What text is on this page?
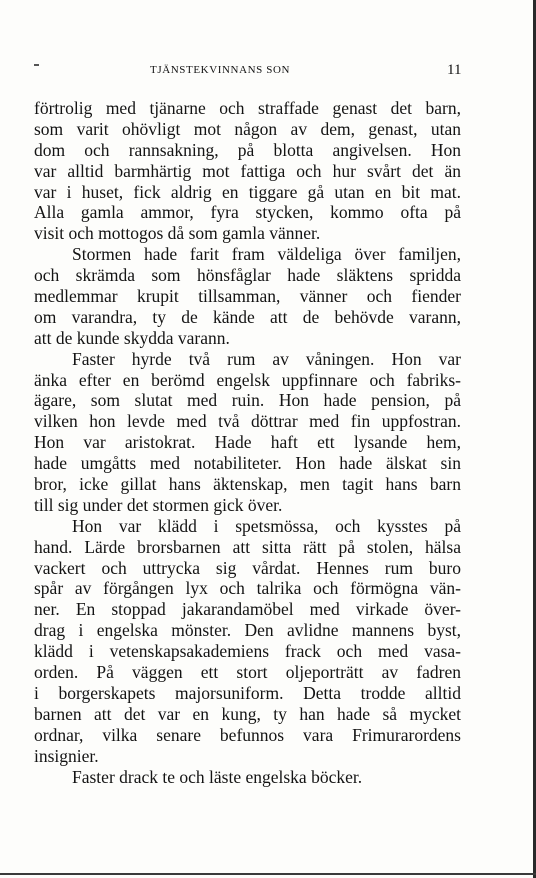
TJÄNSTEKVINNANS SON	11
förtrolig med tjänarne och straffade genast det barn,
som varit ohövligt mot någon av dem, genast, utan
dom och rannsakning, på blotta angivelsen. Hon
var alltid barmhärtig mot fattiga och hur svårt det än
var i huset, fick aldrig en tiggare gå utan en bit mat.
Alla gamla ammor, fyra stycken, kommo ofta på
visit och mottogos då som gamla vänner.
Stormen hade farit fram väldeliga över familjen,
och skrämda som hönsfåglar hade släktens spridda
medlemmar krupit tillsamman, vänner och fiender
om varandra, ty de kände att de behövde varann,
att de kunde skydda varann.
Faster hyrde två rum av våningen. Hon var
änka efter en berömd engelsk uppfinnare och fabriks-
ägare, som slutat med ruin. Hon hade pension, på
vilken hon levde med två döttrar med fin uppfostran.
Hon var aristokrat. Hade haft ett lysande hem,
hade umgåtts med notabiliteter. Hon hade älskat sin
bror, icke gillat hans äktenskap, men tagit hans barn
till sig under det stormen gick över.
Hon var klädd i spetsmössa, och kysstes på
hand. Lärde brorsbarnen att sitta rätt på stolen, hälsa
vackert och uttrycka sig vårdat. Hennes rum buro
spår av förgången lyx och talrika och förmögna vän-
ner. En stoppad jakarandamöbel med virkade över-
drag i engelska mönster. Den avlidne mannens byst,
klädd i vetenskapsakademiens frack och med vasa-
orden. På väggen ett stort oljeporträtt av fadren
i borgerskapets majorsuniform. Detta trodde alltid
barnen att det var en kung, ty han hade så mycket
ordnar, vilka senare befunnos vara Frimurarordens
insignier.
Faster drack te och läste engelska böcker.
